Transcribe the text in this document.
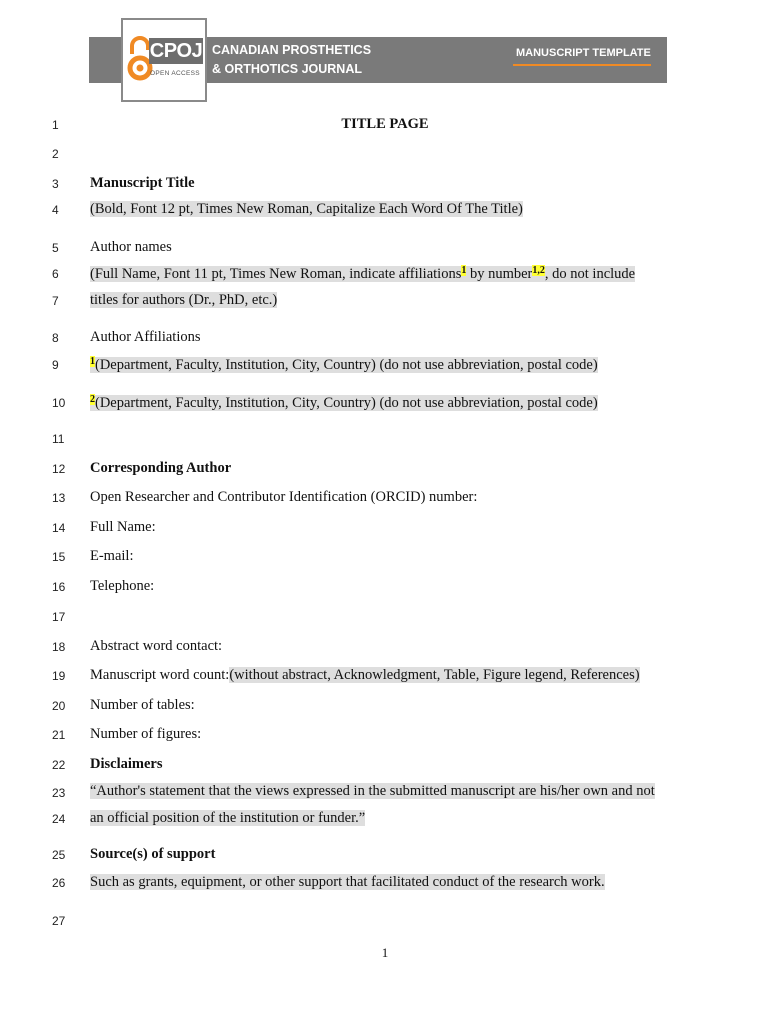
CPOJ
OPEN ACCESS
CANADIAN PROSTHETICS
& ORTHOTICS JOURNAL
MANUSCRIPT TEMPLATE
1
2
3
4
5
6
7
8
9
10
11
12
13
14
15
16
17
18
19
20
21
22
23
24
25
26
27
TITLE PAGE
Manuscript Title
(Bold, Font 12 pt, Times New Roman, Capitalize Each Word Of The Title)
Author names
(Full Name, Font 11 pt, Times New Roman, indicate affiliations$^1$ by number$^{1,2}$, do not include
titles for authors (Dr., PhD, etc.)
Author Affiliations
$^1$(Department, Faculty, Institution, City, Country) (do not use abbreviation, postal code)
$^2$(Department, Faculty, Institution, City, Country) (do not use abbreviation, postal code)
Corresponding Author
Open Researcher and Contributor Identification (ORCID) number:
Full Name:
E-mail:
Telephone:
Abstract word contact:
Manuscript word count:(without abstract, Acknowledgment, Table, Figure legend, References)
Number of tables:
Number of figures:
Disclaimers
“Author's statement that the views expressed in the submitted manuscript are his/her own and not
an official position of the institution or funder.”
Source(s) of support
Such as grants, equipment, or other support that facilitated conduct of the research work.
1
